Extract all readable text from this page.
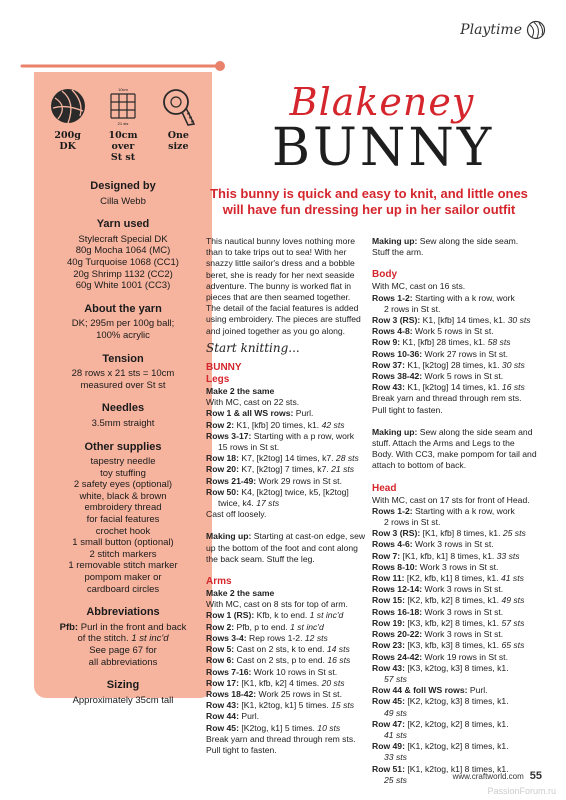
Playtime
200g
DK
10cm
21 sts
10cm
over
St st
One
size
Designed by
Cilla Webb
Yarn used
Stylecraft Special DK
80g Mocha 1064 (MC)
40g Turquoise 1068 (CC1)
20g Shrimp 1132 (CC2)
60g White 1001 (CC3)
About the yarn
DK; 295m per 100g ball;
100% acrylic
Tension
28 rows x 21 sts = 10cm
measured over St st
Needles
3.5mm straight
Other supplies
tapestry needle
toy stuffing
2 safety eyes (optional)
white, black & brown
embroidery thread
for facial features
crochet hook
1 small button (optional)
2 stitch markers
1 removable stitch marker
pompom maker or
cardboard circles
Abbreviations
Pfb: Purl in the front and back
of the stitch. 1 st inc'd
See page 67 for
all abbreviations
Sizing
Approximately 35cm tall
Blakeney
BUNNY
This bunny is quick and easy to knit, and little ones will have fun dressing her up in her sailor outfit

This nautical bunny loves nothing more than to take trips out to sea! With her snazzy little sailor's dress and a bobble beret, she is ready for her next seaside adventure. The bunny is worked flat in pieces that are then seamed together. The detail of the facial features is added using embroidery. The pieces are stuffed and joined together as you go along.

Start knitting...
BUNNY
Legs

Make 2 the same

With MC, cast on 22 sts.

Row 1 & all WS rows: Purl.

Row 2: K1, [kfb] 20 times, k1. 42 sts

Rows 3-17: Starting with a p row, work

15 rows in St st.

Row 18: K7, [k2tog] 14 times, k7. 28 sts

Row 20: K7, [k2tog] 7 times, k7. 21 sts

Rows 21-49: Work 29 rows in St st.

Row 50: K4, [k2tog] twice, k5, [k2tog]

twice, k4. 17 sts

Cast off loosely.

Making up: Starting at cast-on edge, sew up the bottom of the foot and cont along the back seam. Stuff the leg.

Arms

Make 2 the same

With MC, cast on 8 sts for top of arm.

Row 1 (RS): Kfb, k to end. 1 st inc'd

Row 2: Pfb, p to end. 1 st inc'd

Rows 3-4: Rep rows 1-2. 12 sts

Row 5: Cast on 2 sts, k to end. 14 sts

Row 6: Cast on 2 sts, p to end. 16 sts

Rows 7-16: Work 10 rows in St st.

Row 17: [K1, kfb, k2] 4 times. 20 sts

Rows 18-42: Work 25 rows in St st.

Row 43: [K1, k2tog, k1] 5 times. 15 sts

Row 44: Purl.

Row 45: [K2tog, k1] 5 times. 10 sts

Break yarn and thread through rem sts. Pull tight to fasten.

Making up: Sew along the side seam. Stuff the arm.

Body

With MC, cast on 16 sts.

Rows 1-2: Starting with a k row, work

2 rows in St st.

Row 3 (RS): K1, [kfb] 14 times, k1. 30 sts

Rows 4-8: Work 5 rows in St st.

Row 9: K1, [kfb] 28 times, k1. 58 sts

Rows 10-36: Work 27 rows in St st.

Row 37: K1, [k2tog] 28 times, k1. 30 sts

Rows 38-42: Work 5 rows in St st.

Row 43: K1, [k2tog] 14 times, k1. 16 sts

Break yarn and thread through rem sts. Pull tight to fasten.

Making up: Sew along the side seam and stuff. Attach the Arms and Legs to the Body. With CC3, make pompom for tail and attach to bottom of back.

Head

With MC, cast on 17 sts for front of Head.

Rows 1-2: Starting with a k row, work

2 rows in St st.

Row 3 (RS): [K1, kfb] 8 times, k1. 25 sts

Rows 4-6: Work 3 rows in St st.

Row 7: [K1, kfb, k1] 8 times, k1. 33 sts

Rows 8-10: Work 3 rows in St st.

Row 11: [K2, kfb, k1] 8 times, k1. 41 sts

Rows 12-14: Work 3 rows in St st.

Row 15: [K2, kfb, k2] 8 times, k1. 49 sts

Rows 16-18: Work 3 rows in St st.

Row 19: [K3, kfb, k2] 8 times, k1. 57 sts

Rows 20-22: Work 3 rows in St st.

Row 23: [K3, kfb, k3] 8 times, k1. 65 sts

Rows 24-42: Work 19 rows in St st.

Row 43: [K3, k2tog, k3] 8 times, k1.

57 sts

Row 44 & foll WS rows: Purl.

Row 45: [K2, k2tog, k3] 8 times, k1.

49 sts

Row 47: [K2, k2tog, k2] 8 times, k1.

41 sts

Row 49: [K1, k2tog, k2] 8 times, k1.

33 sts

Row 51: [K1, k2tog, k1] 8 times, k1.

25 sts	www.craftworld.com 55
PassionForum.ru
